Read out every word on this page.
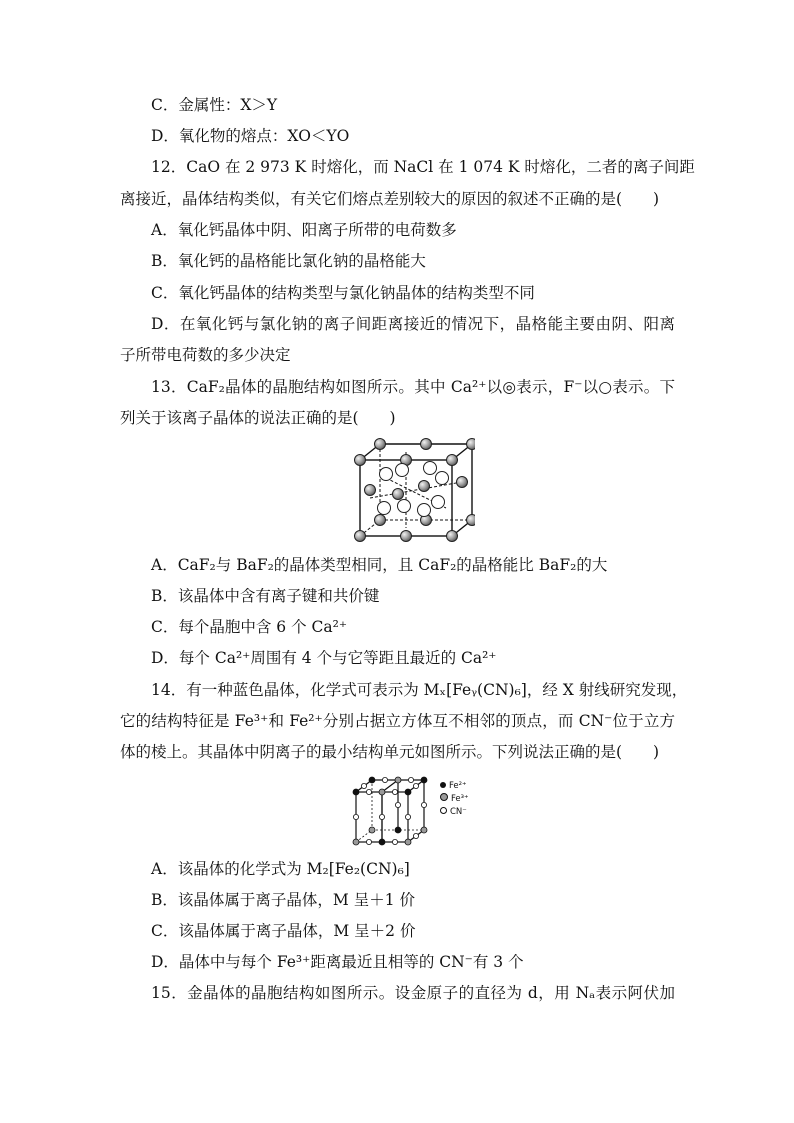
C．金属性：X＞Y
D．氧化物的熔点：XO＜YO
12．CaO 在 2 973 K 时熔化，而 NaCl 在 1 074 K 时熔化，二者的离子间距
离接近，晶体结构类似，有关它们熔点差别较大的原因的叙述不正确的是(　　)
A．氧化钙晶体中阴、阳离子所带的电荷数多
B．氧化钙的晶格能比氯化钠的晶格能大
C．氧化钙晶体的结构类型与氯化钠晶体的结构类型不同
D．在氧化钙与氯化钠的离子间距离接近的情况下，晶格能主要由阴、阳离
子所带电荷数的多少决定
13．CaF₂晶体的晶胞结构如图所示。其中 Ca²⁺以◎表示，F⁻以○表示。下
列关于该离子晶体的说法正确的是(　　)
A．CaF₂与 BaF₂的晶体类型相同，且 CaF₂的晶格能比 BaF₂的大
B．该晶体中含有离子键和共价键
C．每个晶胞中含 6 个 Ca²⁺
D．每个 Ca²⁺周围有 4 个与它等距且最近的 Ca²⁺
14．有一种蓝色晶体，化学式可表示为 Mₓ[Feᵧ(CN)₆]，经 X 射线研究发现，
它的结构特征是 Fe³⁺和 Fe²⁺分别占据立方体互不相邻的顶点，而 CN⁻位于立方
体的棱上。其晶体中阴离子的最小结构单元如图所示。下列说法正确的是(　　)
Fe²⁺
Fe³⁺
CN⁻
A．该晶体的化学式为 M₂[Fe₂(CN)₆]
B．该晶体属于离子晶体，M 呈＋1 价
C．该晶体属于离子晶体，M 呈＋2 价
D．晶体中与每个 Fe³⁺距离最近且相等的 CN⁻有 3 个
15．金晶体的晶胞结构如图所示。设金原子的直径为 d，用 Nₐ表示阿伏加
